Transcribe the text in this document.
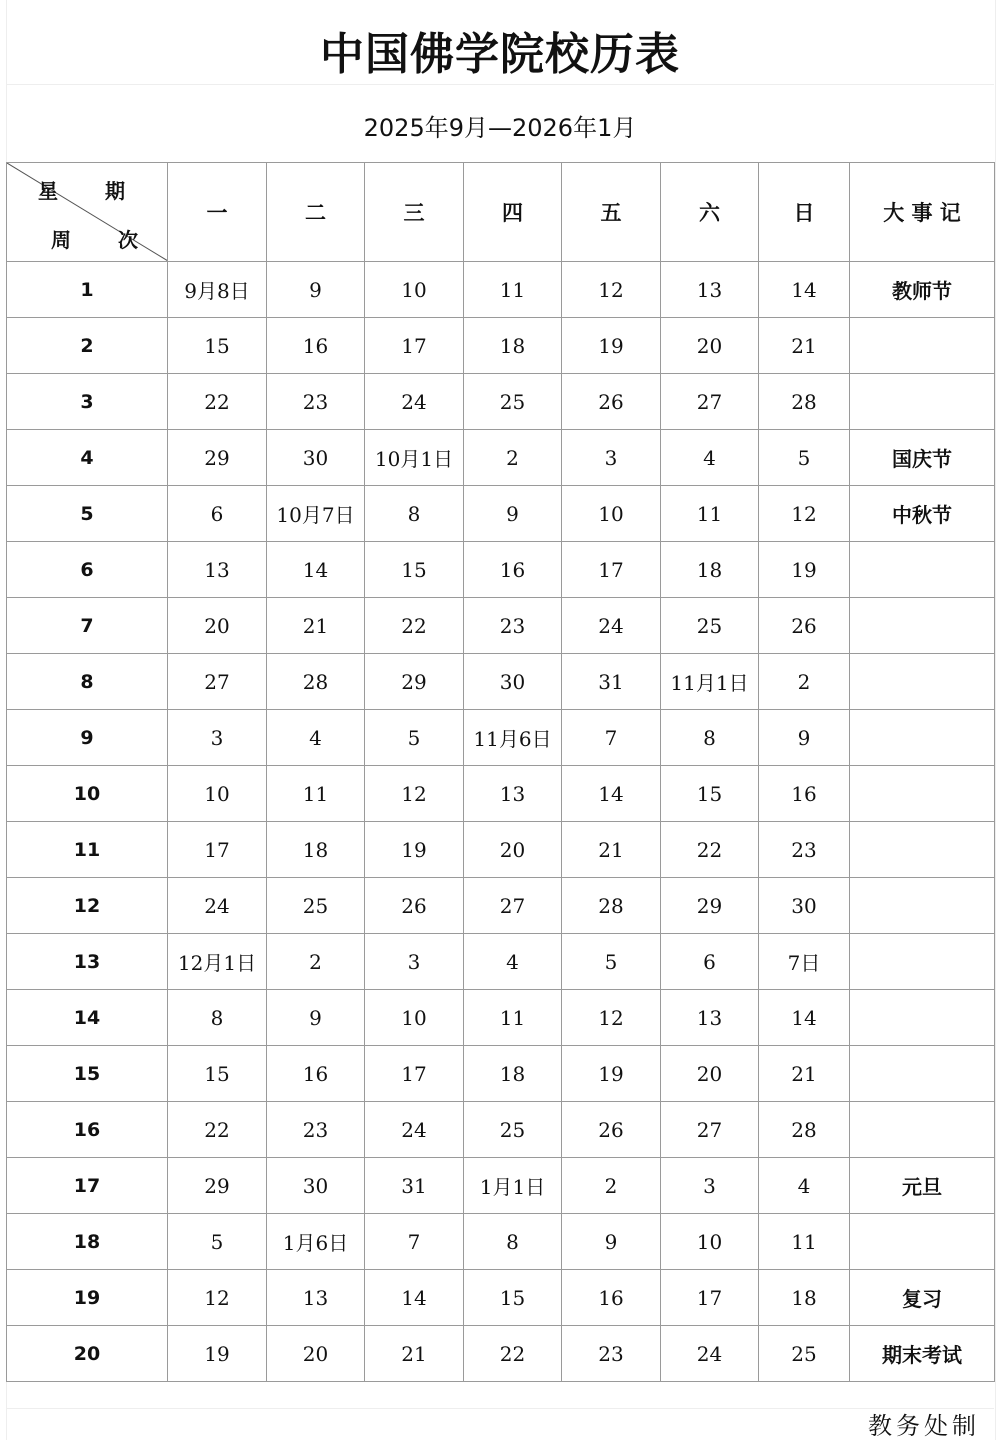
中国佛学院校历表
2025年9月—2026年1月
星 期
周 次	一	二	三	四	五	六	日	大 事 记
1	9月8日	9	10	11	12	13	14	教师节
2	15	16	17	18	19	20	21	
3	22	23	24	25	26	27	28	
4	29	30	10月1日	2	3	4	5	国庆节
5	6	10月7日	8	9	10	11	12	中秋节
6	13	14	15	16	17	18	19	
7	20	21	22	23	24	25	26	
8	27	28	29	30	31	11月1日	2	
9	3	4	5	11月6日	7	8	9	
10	10	11	12	13	14	15	16	
11	17	18	19	20	21	22	23	
12	24	25	26	27	28	29	30	
13	12月1日	2	3	4	5	6	7日	
14	8	9	10	11	12	13	14	
15	15	16	17	18	19	20	21	
16	22	23	24	25	26	27	28	
17	29	30	31	1月1日	2	3	4	元旦
18	5	1月6日	7	8	9	10	11	
19	12	13	14	15	16	17	18	复习
20	19	20	21	22	23	24	25	期末考试
教务处制
